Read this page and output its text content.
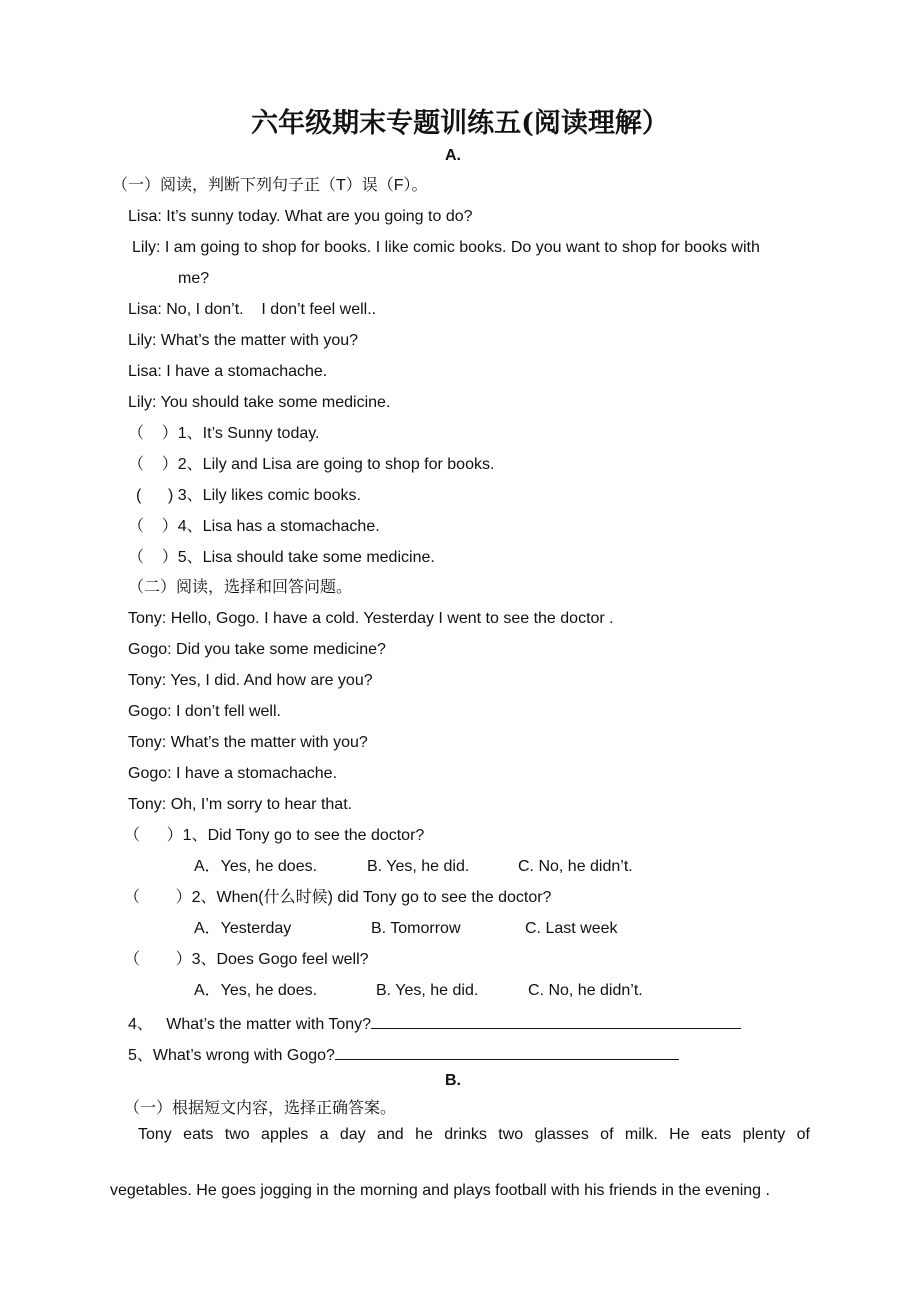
六年级期末专题训练五(阅读理解）
A.
（一）阅读，判断下列句子正（T）误（F）。
Lisa: It’s sunny today. What are you going to do?
Lily: I am going to shop for books. I like comic books. Do you want to shop for books with
me?
Lisa: No, I don’t.    I don’t feel well..
Lily: What’s the matter with you?
Lisa: I have a stomachache.
Lily: You should take some medicine.
（    ）1、It’s Sunny today.
（    ）2、Lily and Lisa are going to shop for books.
(      ) 3、Lily likes comic books.
（    ）4、Lisa has a stomachache.
（    ）5、Lisa should take some medicine.
（二）阅读，选择和回答问题。
Tony: Hello, Gogo. I have a cold. Yesterday I went to see the doctor .
Gogo: Did you take some medicine?
Tony: Yes, I did. And how are you?
Gogo: I don’t fell well.
Tony: What’s the matter with you?
Gogo: I have a stomachache.
Tony: Oh, I’m sorry to hear that.
（      ）1、Did Tony go to see the doctor?
A．Yes, he does.	B. Yes, he did.	C. No, he didn’t.
（        ）2、When(什么时候) did Tony go to see the doctor?
A．Yesterday	B. Tomorrow	C. Last week
（        ）3、Does Gogo feel well?
A．Yes, he does.	B. Yes, he did.	C. No, he didn’t.
4、   What’s the matter with Tony?
5、What’s wrong with Gogo?
B.
（一）根据短文内容，选择正确答案。

Tony eats two apples a day and he drinks two glasses of milk. He eats plenty of

vegetables. He goes jogging in the morning and plays football with his friends in the evening .
